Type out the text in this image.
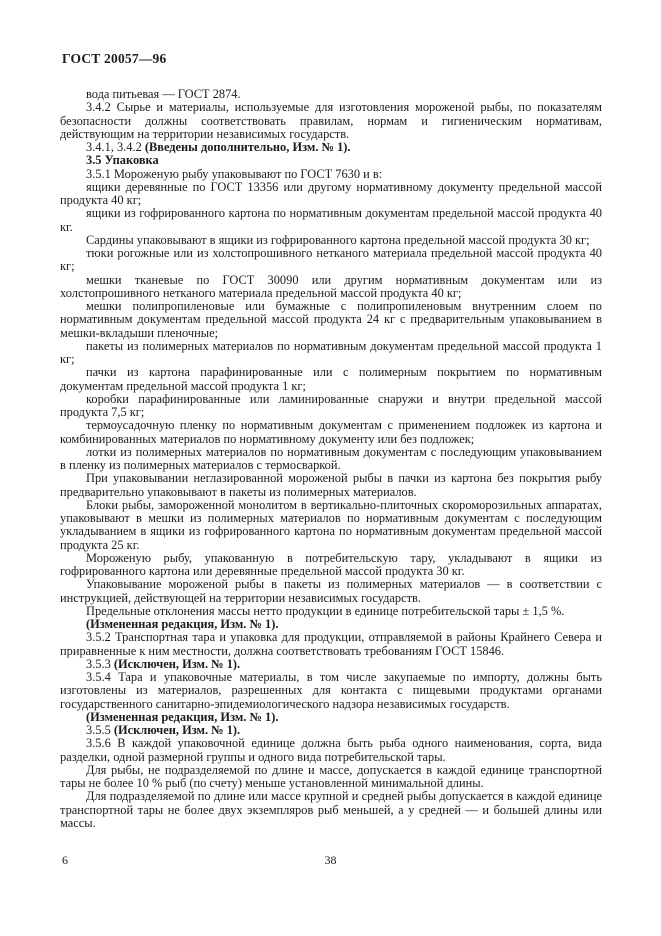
ГОСТ 20057—96

вода питьевая — ГОСТ 2874.

3.4.2 Сырье и материалы, используемые для изготовления мороженой рыбы, по показателям безопасности должны соответствовать правилам, нормам и гигиеническим нормативам, действующим на территории независимых государств.

3.4.1, 3.4.2 (Введены дополнительно, Изм. № 1).

3.5 Упаковка

3.5.1 Мороженую рыбу упаковывают по ГОСТ 7630 и в:

ящики деревянные по ГОСТ 13356 или другому нормативному документу предельной массой продукта 40 кг;

ящики из гофрированного картона по нормативным документам предельной массой продукта 40 кг.

Сардины упаковывают в ящики из гофрированного картона предельной массой продукта 30 кг;

тюки рогожные или из холстопрошивного нетканого материала предельной массой продукта 40 кг;

мешки тканевые по ГОСТ 30090 или другим нормативным документам или из холстопрошивного нетканого материала предельной массой продукта 40 кг;

мешки полипропиленовые или бумажные с полипропиленовым внутренним слоем по нормативным документам предельной массой продукта 24 кг с предварительным упаковыванием в мешки-вкладыши пленочные;

пакеты из полимерных материалов по нормативным документам предельной массой продукта 1 кг;

пачки из картона парафинированные или с полимерным покрытием по нормативным документам предельной массой продукта 1 кг;

коробки парафинированные или ламинированные снаружи и внутри предельной массой продукта 7,5 кг;

термоусадочную пленку по нормативным документам с применением подложек из картона и комбинированных материалов по нормативному документу или без подложек;

лотки из полимерных материалов по нормативным документам с последующим упаковыванием в пленку из полимерных материалов с термосваркой.

При упаковывании неглазированной мороженой рыбы в пачки из картона без покрытия рыбу предварительно упаковывают в пакеты из полимерных материалов.

Блоки рыбы, замороженной монолитом в вертикально-плиточных скороморозильных аппаратах, упаковывают в мешки из полимерных материалов по нормативным документам с последующим укладыванием в ящики из гофрированного картона по нормативным документам предельной массой продукта 25 кг.

Мороженую рыбу, упакованную в потребительскую тару, укладывают в ящики из гофрированного картона или деревянные предельной массой продукта 30 кг.

Упаковывание мороженой рыбы в пакеты из полимерных материалов — в соответствии с инструкцией, действующей на территории независимых государств.

Предельные отклонения массы нетто продукции в единице потребительской тары ± 1,5 %.

(Измененная редакция, Изм. № 1).

3.5.2 Транспортная тара и упаковка для продукции, отправляемой в районы Крайнего Севера и приравненные к ним местности, должна соответствовать требованиям ГОСТ 15846.

3.5.3 (Исключен, Изм. № 1).

3.5.4 Тара и упаковочные материалы, в том числе закупаемые по импорту, должны быть изготовлены из материалов, разрешенных для контакта с пищевыми продуктами органами государственного санитарно-эпидемиологического надзора независимых государств.

(Измененная редакция, Изм. № 1).

3.5.5 (Исключен, Изм. № 1).

3.5.6 В каждой упаковочной единице должна быть рыба одного наименования, сорта, вида разделки, одной размерной группы и одного вида потребительской тары.

Для рыбы, не подразделяемой по длине и массе, допускается в каждой единице транспортной тары не более 10 % рыб (по счету) меньше установленной минимальной длины.

Для подразделяемой по длине или массе крупной и средней рыбы допускается в каждой единице транспортной тары не более двух экземпляров рыб меньшей, а у средней — и большей длины или массы.

6	38
